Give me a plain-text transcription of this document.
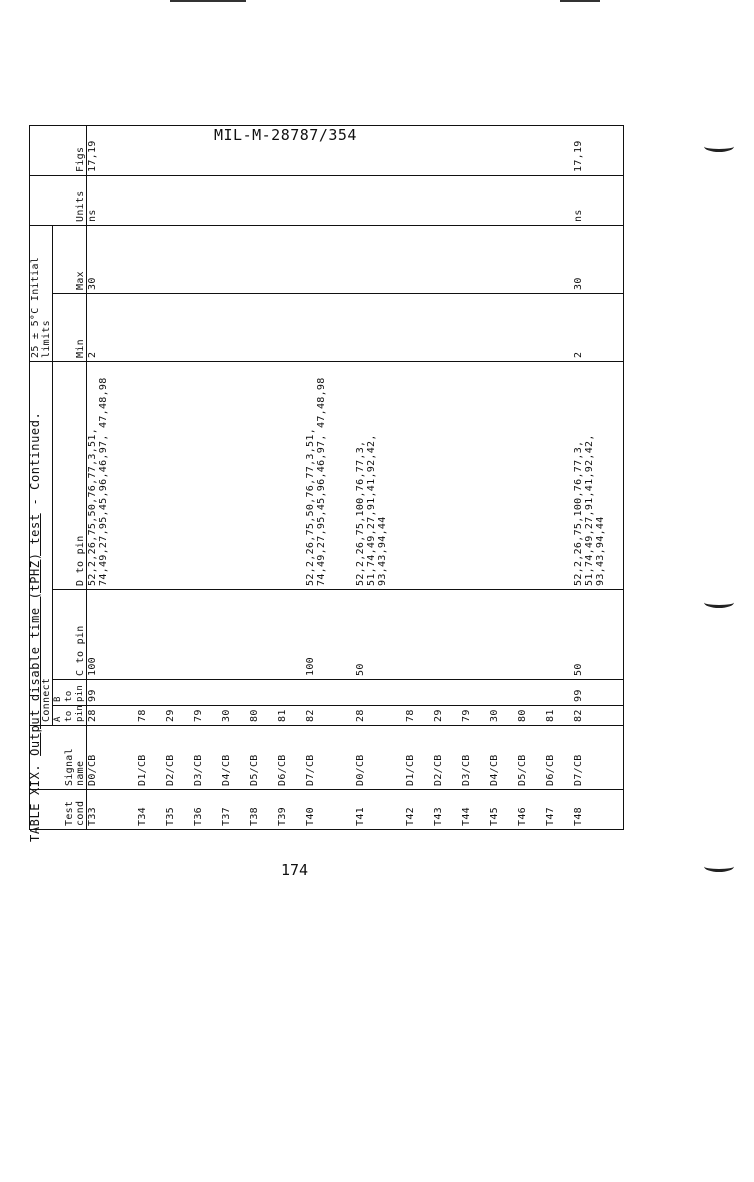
MIL-M-28787/354
TABLE XIX. Output disable time (tPHZ) test - Continued.
Test cond	Signal name	Connect				25 ± 5°C Initial limits		Units	Figs
		A to pin	B to pin	C to pin	D to pin	Min	Max		
T33	D0/CB	28	99	100	52,2,26,75,50,76,77,3,51, 74,49,27,95,45,96,46,97, 47,48,98	2	30	ns	17,19
T34	D1/CB	78							
T35	D2/CB	29							
T36	D3/CB	79							
T37	D4/CB	30							
T38	D5/CB	80							
T39	D6/CB	81							
T40	D7/CB	82		100	52,2,26,75,50,76,77,3,51, 74,49,27,95,45,96,46,97, 47,48,98				
T41	D0/CB	28		50	52,2,26,75,100,76,77,3, 51,74,49,27,91,41,92,42, 93,43,94,44				
T42	D1/CB	78							
T43	D2/CB	29							
T44	D3/CB	79							
T45	D4/CB	30							
T46	D5/CB	80							
T47	D6/CB	81							
T48	D7/CB	82	99	50	52,2,26,75,100,76,77,3, 51,74,49,27,91,41,92,42, 93,43,94,44	2	30	ns	17,19
174
